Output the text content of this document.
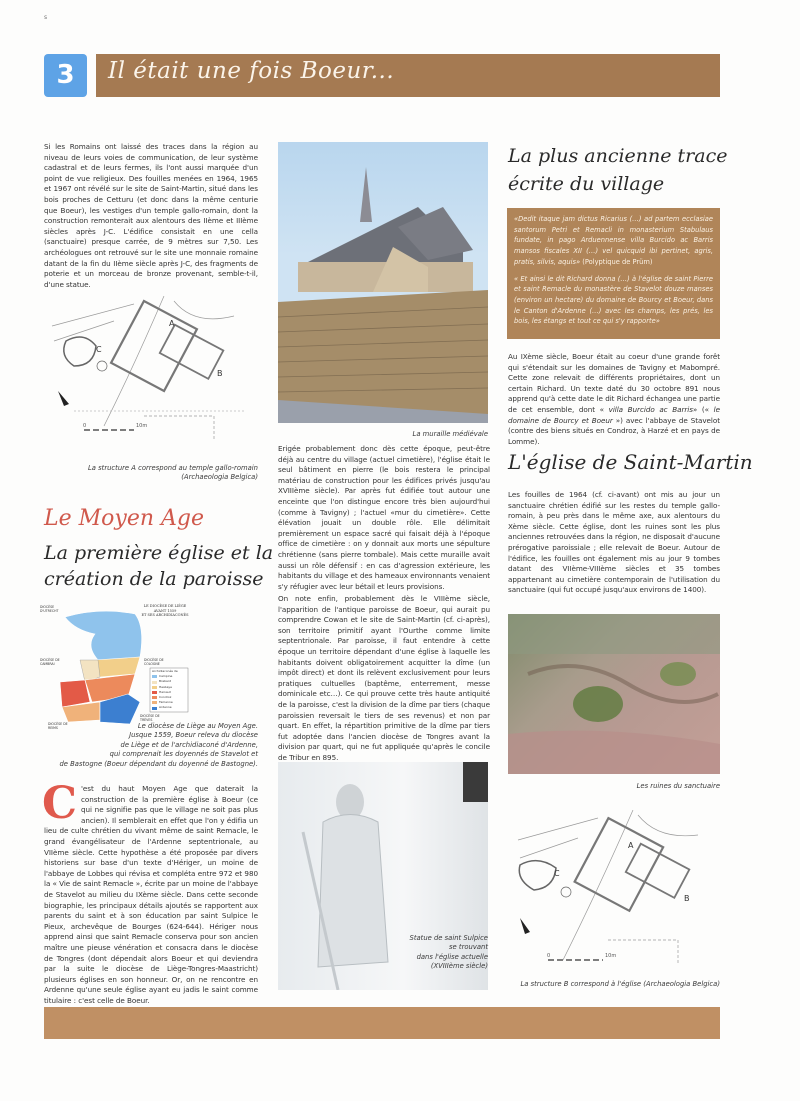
s
3	Il était une fois Boeur...
Si les Romains ont laissé des traces dans la région au niveau de leurs voies de communication, de leur système cadastral et de leurs fermes, ils l'ont aussi marquée d'un point de vue religieux. Des fouilles menées en 1964, 1965 et 1967 ont révélé sur le site de Saint-Martin, situé dans les bois proches de Cetturu (et donc dans la même centurie que Boeur), les vestiges d'un temple gallo-romain, dont la construction remonterait aux alentours des IIème et IIIème siècles après J-C. L'édifice consistait en une cella (sanctuaire) presque carrée, de 9 mètres sur 7,50. Les archéologues ont retrouvé sur le site une monnaie romaine datant de la fin du IIème siècle après J-C, des fragments de poterie et un morceau de bronze provenant, semble-t-il, d'une statue.
0	10m
A
B
C
La structure A correspond au temple gallo-romain
(Archaeologia Belgica)
Le Moyen Age
La première église et la
création de la paroisse
LE DIOCÈSE DE LIÈGE
AVANT 1559
ET SES ARCHIDIACONÉS
DIOCÈSE D'UTRECHT
DIOCÈSE DE CAMBRAI
DIOCÈSE DE COLOGNE
DIOCÈSE DE TRÈVES
DIOCÈSE DE REIMS
Archidiaconés de
Campine
Brabant
Hesbaye
Hainaut
Condroz
Famenne
Ardenne
Le diocèse de Liège au Moyen Age.
Jusque 1559, Boeur releva du diocèse
de Liège et de l'archidiaconé d'Ardenne,
qui comprenait les doyennés de Stavelot et
de Bastogne (Boeur dépendant du doyenné de Bastogne).
C 'est du haut Moyen Age que daterait la construction de la première église à Boeur (ce qui ne signifie pas que le village ne soit pas plus ancien). Il semblerait en effet que l'on y édifia un lieu de culte chrétien du vivant même de saint Remacle, le grand évangélisateur de l'Ardenne septentrionale, au VIIème siècle. Cette hypothèse a été proposée par divers historiens sur base d'un texte d'Hériger, un moine de l'abbaye de Lobbes qui révisa et compléta entre 972 et 980 la « Vie de saint Remacle », écrite par un moine de l'abbaye de Stavelot au milieu du IXème siècle. Dans cette seconde biographie, les principaux détails ajoutés se rapportent aux parents du saint et à son éducation par saint Sulpice le Pieux, archevêque de Bourges (624-644). Hériger nous apprend ainsi que saint Remacle conserva pour son ancien maître une pieuse vénération et consacra dans le diocèse de Tongres (dont dépendait alors Boeur et qui deviendra par la suite le diocèse de Liège-Tongres-Maastricht) plusieurs églises en son honneur. Or, on ne rencontre en Ardenne qu'une seule église ayant eu jadis le saint comme titulaire : c'est celle de Boeur.
La muraille médiévale
Erigée probablement donc dès cette époque, peut-être déjà au centre du village (actuel cimetière), l'église était le seul bâtiment en pierre (le bois restera le principal matériau de construction pour les édifices privés jusqu'au XVIIIème siècle). Par après fut édifiée tout autour une enceinte que l'on distingue encore très bien aujourd'hui (comme à Tavigny) ; l'actuel «mur du cimetière». Cette élévation jouait un double rôle. Elle délimitait premièrement un espace sacré qui faisait déjà à l'époque office de cimetière : on y donnait aux morts une sépulture chrétienne (sans pierre tombale). Mais cette muraille avait aussi un rôle défensif : en cas d'agression extérieure, les habitants du village et des hameaux environnants venaient s'y réfugier avec leur bétail et leurs provisions.
On note enfin, probablement dès le VIIIème siècle, l'apparition de l'antique paroisse de Boeur, qui aurait pu comprendre Cowan et le site de Saint-Martin (cf. ci-après), son territoire primitif ayant l'Ourthe comme limite septentrionale. Par paroisse, il faut entendre à cette époque un territoire dépendant d'une église à laquelle les habitants doivent obligatoirement acquitter la dîme (un impôt direct) et dont ils relèvent exclusivement pour leurs pratiques cultuelles (baptême, enterrement, messe dominicale etc…). Ce qui prouve cette très haute antiquité de la paroisse, c'est la division de la dîme par tiers (chaque paroissien reversait le tiers de ses revenus) et non par quart. En effet, la répartition primitive de la dîme par tiers fut adoptée dans l'ancien diocèse de Tongres avant la division par quart, qui ne fut appliquée qu'après le concile de Tribur en 895.
Statue de saint Sulpice
se trouvant
dans l'église actuelle
(XVIIIème siècle)
La plus ancienne trace
écrite du village

«Dedit itaque jam dictus Ricarius (…) ad partem ecclasiae santorum Petri et Remacli in monasterium Stabulaus fundate, in pago Arduennense villa Burcido ac Barris mansos fiscales XII (…) vel quicquid ibi pertinet, agris, pratis, silvis, aquis» (Polyptique de Prüm)

« Et ainsi le dit Richard donna (…) à l'église de saint Pierre et saint Remacle du monastère de Stavelot douze manses (environ un hectare) du domaine de Bourcy et Boeur, dans le Canton d'Ardenne (…) avec les champs, les prés, les bois, les étangs et tout ce qui s'y rapporte»

Au IXème siècle, Boeur était au coeur d'une grande forêt qui s'étendait sur les domaines de Tavigny et Mabompré. Cette zone relevait de différents propriétaires, dont un certain Richard. Un texte daté du 30 octobre 891 nous apprend qu'à cette date le dit Richard échangea une partie de cet ensemble, dont « villa Burcido ac Barris» (« le domaine de Bourcy et Boeur ») avec l'abbaye de Stavelot (contre des biens situés en Condroz, à Harzé et en pays de Lomme).
L'église de Saint-Martin
Les fouilles de 1964 (cf. ci-avant) ont mis au jour un sanctuaire chrétien édifié sur les restes du temple gallo-romain, à peu près dans le même axe, aux alentours du Xème siècle. Cette église, dont les ruines sont les plus anciennes retrouvées dans la région, ne disposait d'aucune prérogative paroissiale ; elle relevait de Boeur. Autour de l'édifice, les fouilles ont également mis au jour 9 tombes datant des VIIème-VIIIème siècles et 35 tombes appartenant au cimetière contemporain de l'utilisation du sanctuaire (qui fut occupé jusqu'aux environs de 1400).
Les ruines du sanctuaire
0	10m
A
B
C
La structure B correspond à l'église (Archaeologia Belgica)
